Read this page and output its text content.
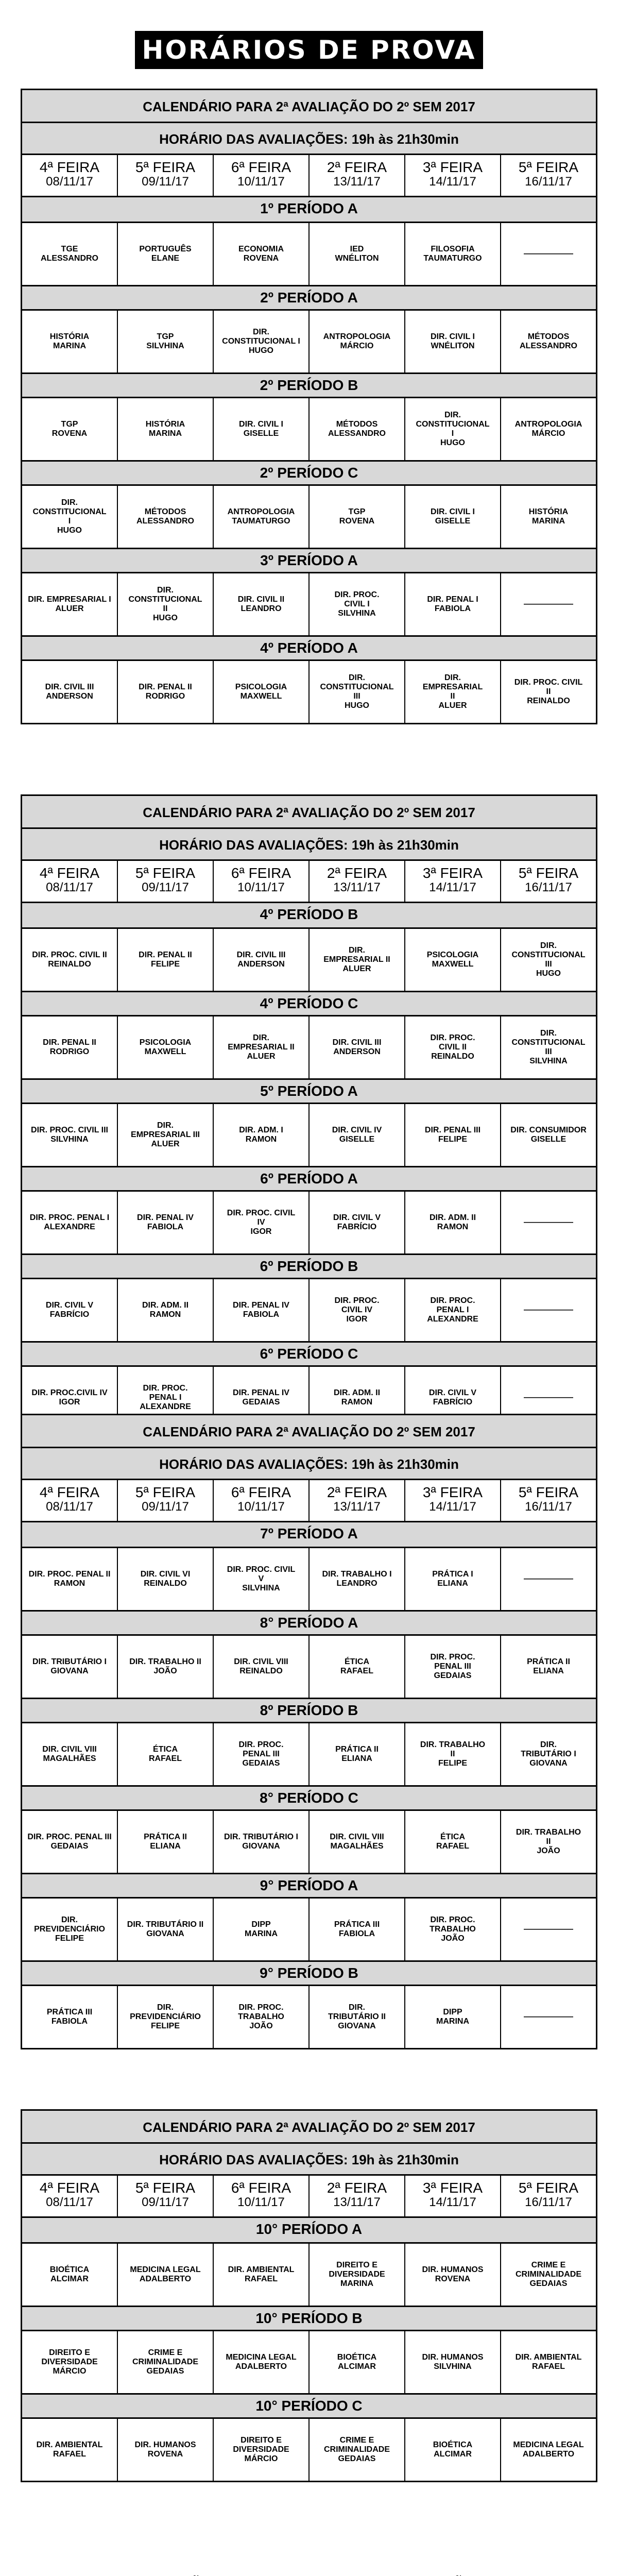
HORÁRIOS DE PROVA
CALENDÁRIO PARA 2ª AVALIAÇÃO DO 2º SEM 2017
HORÁRIO DAS AVALIAÇÕES: 19h às 21h30min
4ª FEIRA
08/11/17
5ª FEIRA
09/11/17
6ª FEIRA
10/11/17
2ª FEIRA
13/11/17
3ª FEIRA
14/11/17
5ª FEIRA
16/11/17
1º PERÍODO A
TGE
ALESSANDRO
PORTUGUÊS
ELANE
ECONOMIA
ROVENA
IED
WNÉLITON
FILOSOFIA
TAUMATURGO
——————
2º PERÍODO A
HISTÓRIA
MARINA
TGP
SILVHINA
DIR.
CONSTITUCIONAL I
HUGO
ANTROPOLOGIA
MÁRCIO
DIR. CIVIL I
WNÉLITON
MÉTODOS
ALESSANDRO
2º PERÍODO B
TGP
ROVENA
HISTÓRIA
MARINA
DIR. CIVIL I
GISELLE
MÉTODOS
ALESSANDRO
DIR.
CONSTITUCIONAL
I
HUGO
ANTROPOLOGIA
MÁRCIO
2º PERÍODO C
DIR. CONSTITUCIONAL
I
HUGO
MÉTODOS
ALESSANDRO
ANTROPOLOGIA
TAUMATURGO
TGP
ROVENA
DIR. CIVIL I
GISELLE
HISTÓRIA
MARINA
3º PERÍODO A
DIR. EMPRESARIAL I
ALUER
DIR.
CONSTITUCIONAL
II
HUGO
DIR. CIVIL II
LEANDRO
DIR. PROC.
CIVIL I
SILVHINA
DIR. PENAL I
FABIOLA
——————
4º PERÍODO A
DIR. CIVIL III
ANDERSON
DIR. PENAL II
RODRIGO
PSICOLOGIA
MAXWELL
DIR.
CONSTITUCIONAL
III
HUGO
DIR.
EMPRESARIAL
II
ALUER
DIR. PROC. CIVIL
II
REINALDO
CALENDÁRIO PARA 2ª AVALIAÇÃO DO 2º SEM 2017
HORÁRIO DAS AVALIAÇÕES: 19h às 21h30min
4ª FEIRA
08/11/17
5ª FEIRA
09/11/17
6ª FEIRA
10/11/17
2ª FEIRA
13/11/17
3ª FEIRA
14/11/17
5ª FEIRA
16/11/17
4º PERÍODO B
DIR. PROC. CIVIL II
REINALDO
DIR. PENAL II
FELIPE
DIR. CIVIL III
ANDERSON
DIR.
EMPRESARIAL II
ALUER
PSICOLOGIA
MAXWELL
DIR.
CONSTITUCIONAL
III
HUGO
4º PERÍODO C
DIR. PENAL II
RODRIGO
PSICOLOGIA
MAXWELL
DIR.
EMPRESARIAL II
ALUER
DIR. CIVIL III
ANDERSON
DIR. PROC.
CIVIL II
REINALDO
DIR.
CONSTITUCIONAL
III
SILVHINA
5º PERÍODO A
DIR. PROC. CIVIL III
SILVHINA
DIR.
EMPRESARIAL III
ALUER
DIR. ADM. I
RAMON
DIR. CIVIL IV
GISELLE
DIR. PENAL III
FELIPE
DIR. CONSUMIDOR
GISELLE
6º PERÍODO A
DIR. PROC. PENAL I
ALEXANDRE
DIR. PENAL IV
FABIOLA
DIR. PROC. CIVIL
IV
IGOR
DIR. CIVIL V
FABRÍCIO
DIR. ADM. II
RAMON
——————
6º PERÍODO B
DIR. CIVIL V
FABRÍCIO
DIR. ADM. II
RAMON
DIR. PENAL IV
FABIOLA
DIR. PROC.
CIVIL IV
IGOR
DIR. PROC.
PENAL I
ALEXANDRE
——————
6º PERÍODO C
DIR. PROC.CIVIL IV
IGOR
DIR. PROC.
PENAL I
ALEXANDRE
DIR. PENAL IV
GEDAIAS
DIR. ADM. II
RAMON
DIR. CIVIL V
FABRÍCIO
——————
CALENDÁRIO PARA 2ª AVALIAÇÃO DO 2º SEM 2017
HORÁRIO DAS AVALIAÇÕES: 19h às 21h30min
4ª FEIRA
08/11/17
5ª FEIRA
09/11/17
6ª FEIRA
10/11/17
2ª FEIRA
13/11/17
3ª FEIRA
14/11/17
5ª FEIRA
16/11/17
7º PERÍODO A
DIR. PROC. PENAL II
RAMON
DIR. CIVIL VI
REINALDO
DIR. PROC. CIVIL
V
SILVHINA
DIR. TRABALHO I
LEANDRO
PRÁTICA I
ELIANA
——————
8° PERÍODO A
DIR. TRIBUTÁRIO I
GIOVANA
DIR. TRABALHO II
JOÃO
DIR. CIVIL VIII
REINALDO
ÉTICA
RAFAEL
DIR. PROC.
PENAL III
GEDAIAS
PRÁTICA II
ELIANA
8º PERÍODO B
DIR. CIVIL VIII
MAGALHÃES
ÉTICA
RAFAEL
DIR. PROC.
PENAL III
GEDAIAS
PRÁTICA II
ELIANA
DIR. TRABALHO
II
FELIPE
DIR.
TRIBUTÁRIO I
GIOVANA
8° PERÍODO C
DIR. PROC. PENAL III
GEDAIAS
PRÁTICA II
ELIANA
DIR. TRIBUTÁRIO I
GIOVANA
DIR. CIVIL VIII
MAGALHÃES
ÉTICA
RAFAEL
DIR. TRABALHO
II
JOÃO
9° PERÍODO A
DIR. PREVIDENCIÁRIO
FELIPE
DIR. TRIBUTÁRIO II
GIOVANA
DIPP
MARINA
PRÁTICA III
FABIOLA
DIR. PROC.
TRABALHO
JOÃO
——————
9° PERÍODO B
PRÁTICA III
FABIOLA
DIR.
PREVIDENCIÁRIO
FELIPE
DIR. PROC.
TRABALHO
JOÃO
DIR.
TRIBUTÁRIO II
GIOVANA
DIPP
MARINA
——————
CALENDÁRIO PARA 2ª AVALIAÇÃO DO 2º SEM 2017
HORÁRIO DAS AVALIAÇÕES: 19h às 21h30min
4ª FEIRA
08/11/17
5ª FEIRA
09/11/17
6ª FEIRA
10/11/17
2ª FEIRA
13/11/17
3ª FEIRA
14/11/17
5ª FEIRA
16/11/17
10° PERÍODO A
BIOÉTICA
ALCIMAR
MEDICINA LEGAL
ADALBERTO
DIR. AMBIENTAL
RAFAEL
DIREITO E
DIVERSIDADE
MARINA
DIR. HUMANOS
ROVENA
CRIME E
CRIMINALIDADE
GEDAIAS
10° PERÍODO B
DIREITO E
DIVERSIDADE
MÁRCIO
CRIME E
CRIMINALIDADE
GEDAIAS
MEDICINA LEGAL
ADALBERTO
BIOÉTICA
ALCIMAR
DIR. HUMANOS
SILVHINA
DIR. AMBIENTAL
RAFAEL
10° PERÍODO C
DIR. AMBIENTAL
RAFAEL
DIR. HUMANOS
ROVENA
DIREITO E
DIVERSIDADE
MÁRCIO
CRIME E
CRIMINALIDADE
GEDAIAS
BIOÉTICA
ALCIMAR
MEDICINA LEGAL
ADALBERTO
